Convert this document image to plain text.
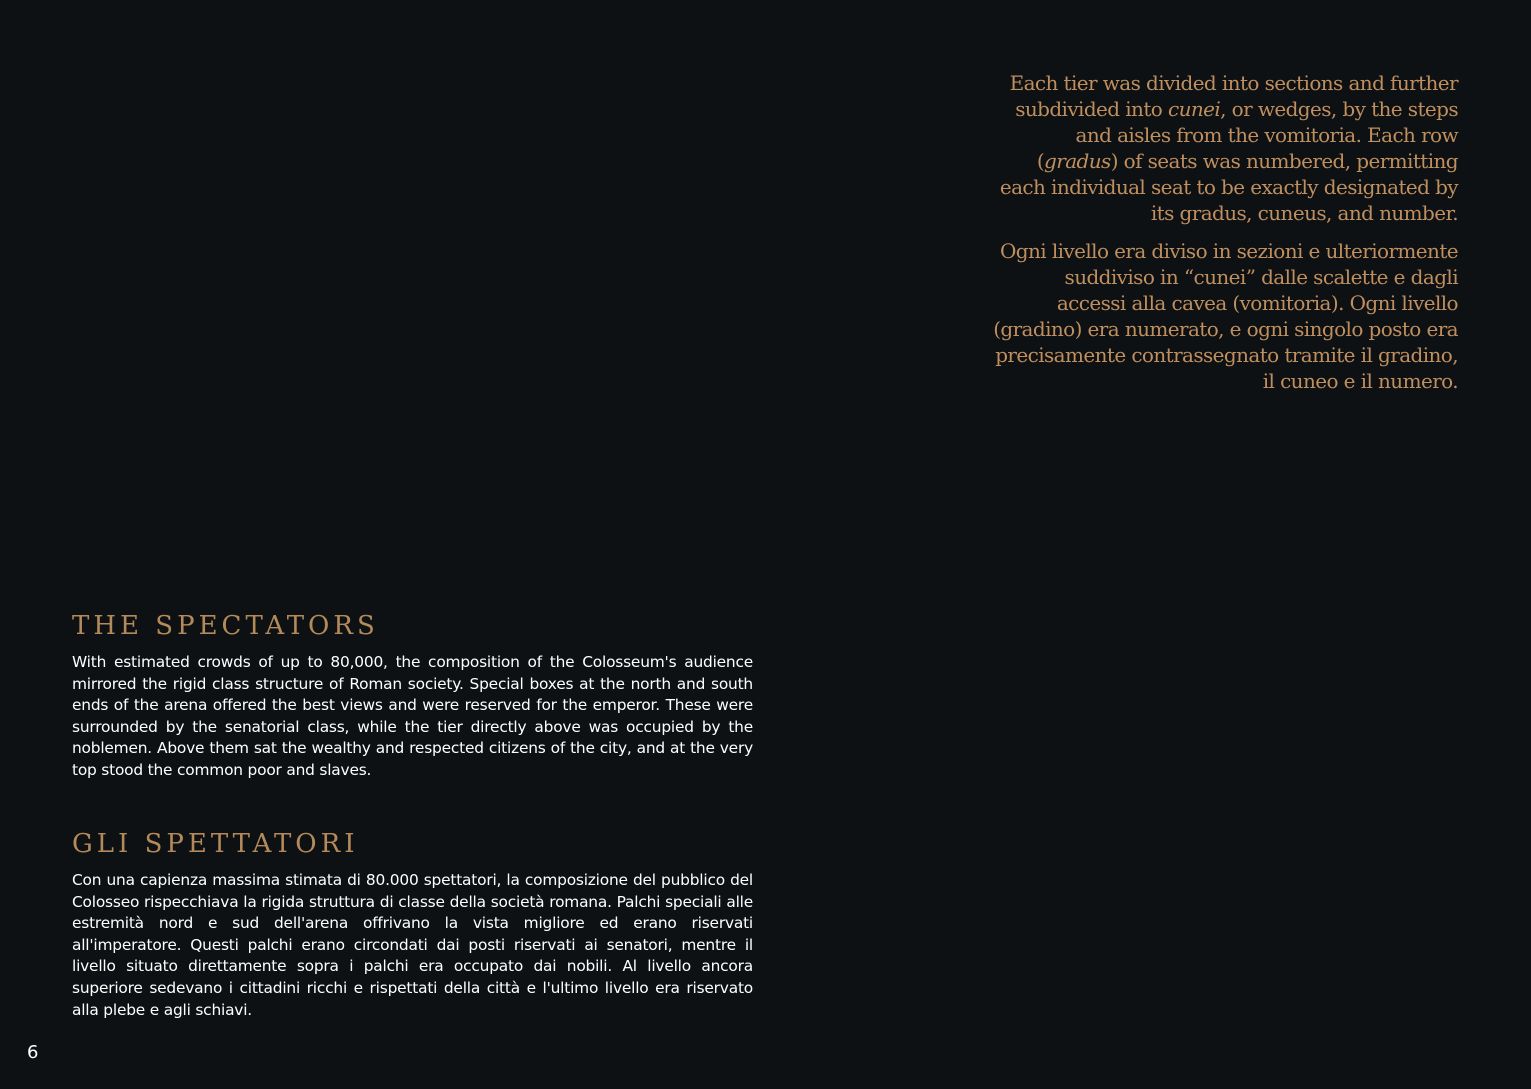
Each tier was divided into sections and further subdivided into cunei, or wedges, by the steps and aisles from the vomitoria. Each row (gradus) of seats was numbered, permitting each individual seat to be exactly designated by its gradus, cuneus, and number.

Ogni livello era diviso in sezioni e ulteriormente suddiviso in “cunei” dalle scalette e dagli accessi alla cavea (vomitoria). Ogni livello (gradino) era numerato, e ogni singolo posto era precisamente contrassegnato tramite il gradino, il cuneo e il numero.

THE SPECTATORS

With estimated crowds of up to 80,000, the composition of the Colosseum's audience mirrored the rigid class structure of Roman society. Special boxes at the north and south ends of the arena offered the best views and were reserved for the emperor. These were surrounded by the senatorial class, while the tier directly above was occupied by the noblemen. Above them sat the wealthy and respected citizens of the city, and at the very top stood the common poor and slaves.

GLI SPETTATORI

Con una capienza massima stimata di 80.000 spettatori, la composizione del pubblico del Colosseo rispecchiava la rigida struttura di classe della società romana. Palchi speciali alle estremità nord e sud dell'arena offrivano la vista migliore ed erano riservati all'imperatore. Questi palchi erano circondati dai posti riservati ai senatori, mentre il livello situato direttamente sopra i palchi era occupato dai nobili. Al livello ancora superiore sedevano i cittadini ricchi e rispettati della città e l'ultimo livello era riservato alla plebe e agli schiavi.

6
